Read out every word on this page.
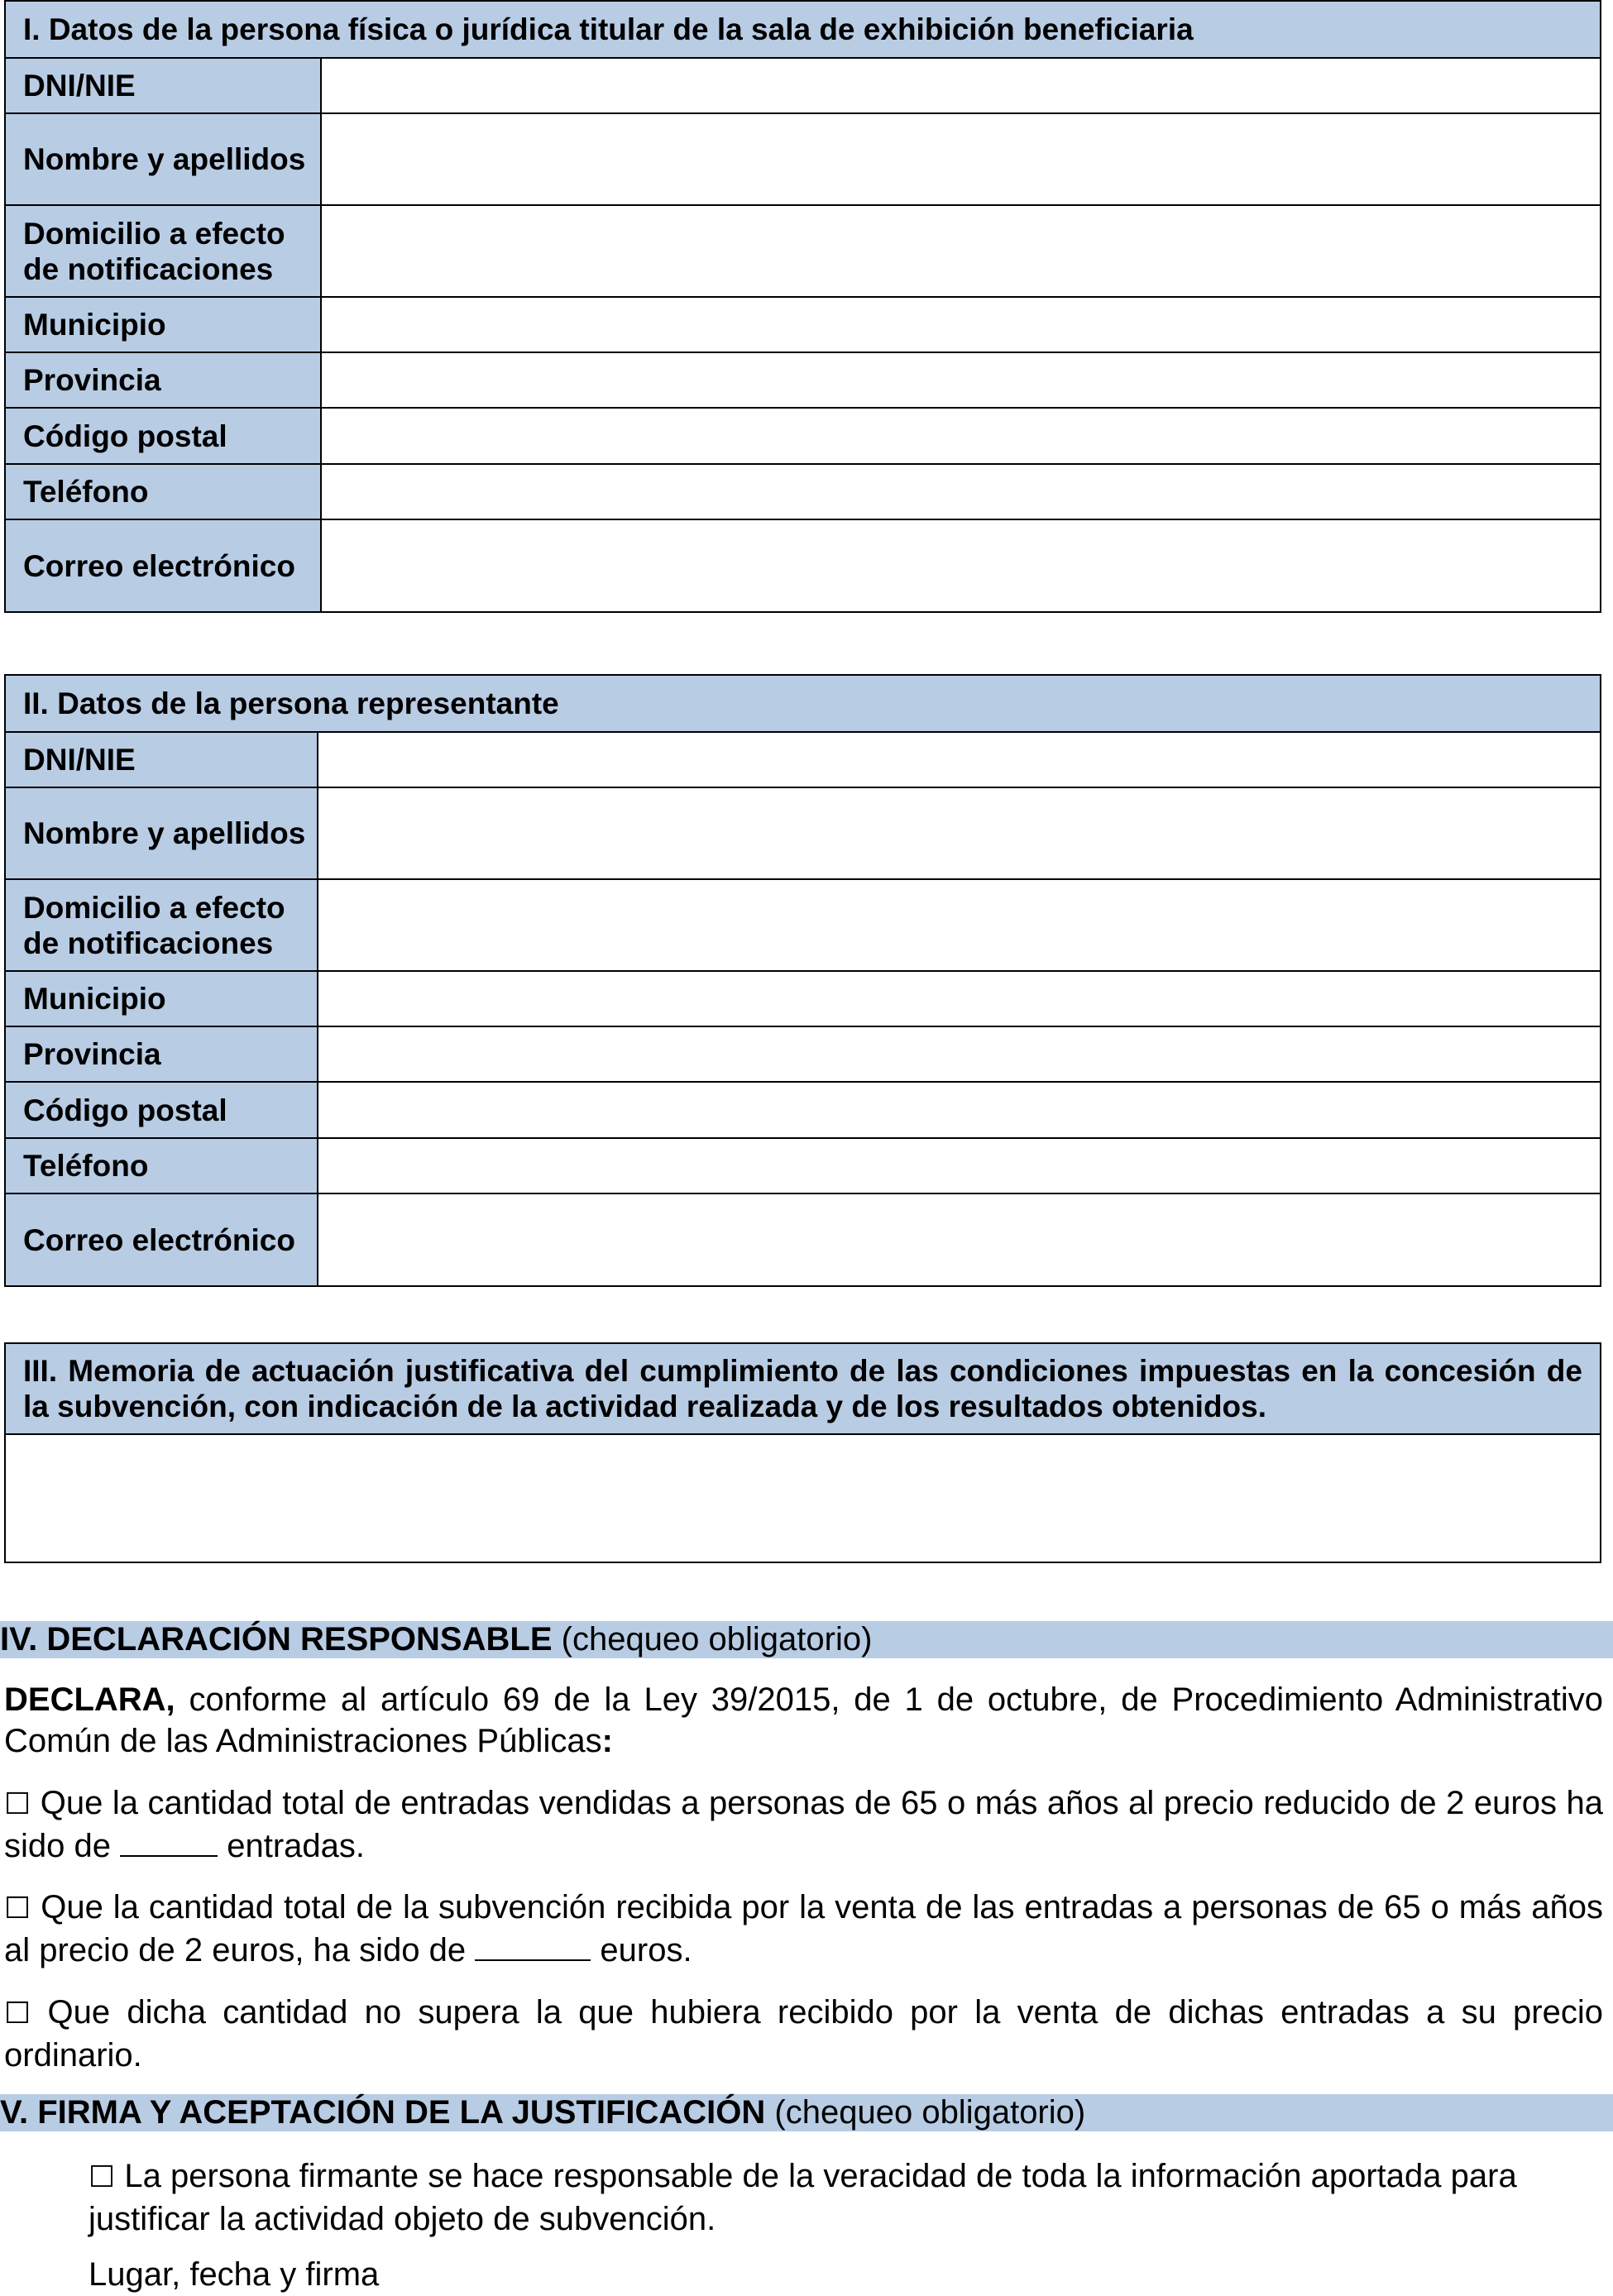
I. Datos de la persona física o jurídica titular de la sala de exhibición beneficiaria	
DNI/NIE	
Nombre y apellidos	
Domicilio a efecto de notificaciones	
Municipio	
Provincia	
Código postal	
Teléfono	
Correo electrónico	
II. Datos de la persona representante	
DNI/NIE	
Nombre y apellidos	
Domicilio a efecto de notificaciones	
Municipio	
Provincia	
Código postal	
Teléfono	
Correo electrónico	
III. Memoria de actuación justificativa del cumplimiento de las condiciones impuestas en la concesión de la subvención, con indicación de la actividad realizada y de los resultados obtenidos.

IV. DECLARACIÓN RESPONSABLE (chequeo obligatorio)
DECLARA, conforme al artículo 69 de la Ley 39/2015, de 1 de octubre, de Procedimiento Administrativo Común de las Administraciones Públicas:
☐ Que la cantidad total de entradas vendidas a personas de 65 o más años al precio reducido de 2 euros ha sido de	entradas.
☐ Que la cantidad total de la subvención recibida por la venta de las entradas a personas de 65 o más años al precio de 2 euros, ha sido de	euros.
☐ Que dicha cantidad no supera la que hubiera recibido por la venta de dichas entradas a su precio ordinario.
V. FIRMA Y ACEPTACIÓN DE LA JUSTIFICACIÓN (chequeo obligatorio)
☐ La persona firmante se hace responsable de la veracidad de toda la información aportada para justificar la actividad objeto de subvención.
Lugar, fecha y firma
